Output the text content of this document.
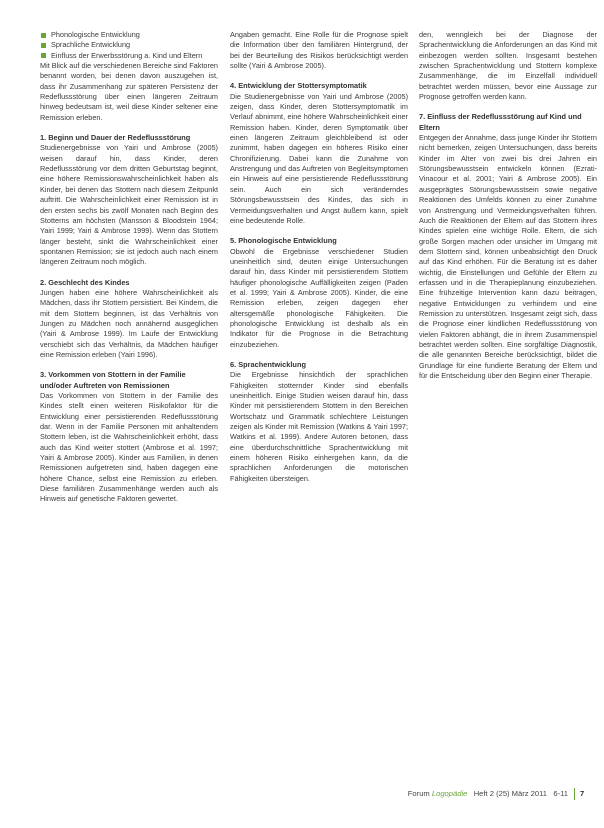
Phonologische Entwicklung
Sprachliche Entwicklung
Einfluss der Erwerbsstörung a. Kind und Eltern

Mit Blick auf die verschiedenen Bereiche sind Faktoren benannt worden, bei denen davon auszugehen ist, dass ihr Zusammenhang zur späteren Persistenz der Redeflussstörung über einen längeren Zeitraum hinweg bedeutsam ist, weil diese Kinder seltener eine Remission erleben.

1. Beginn und Dauer der Redeflussstörung

Studienergebnisse von Yairi und Ambrose (2005) weisen darauf hin, dass Kinder, deren Redeflussstörung vor dem dritten Geburtstag beginnt, eine höhere Remissionswahrscheinlichkeit haben als Kinder, bei denen das Stottern nach diesem Zeitpunkt auftritt. Die Wahrscheinlichkeit einer Remission ist in den ersten sechs bis zwölf Monaten nach Beginn des Stotterns am höchsten (Mansson & Bloodstein 1964; Yairi 1999; Yairi & Ambrose 1999). Wenn das Stottern länger besteht, sinkt die Wahrscheinlichkeit einer spontanen Remission; sie ist jedoch auch nach einem längeren Zeitraum noch möglich.

2. Geschlecht des Kindes

Jungen haben eine höhere Wahrscheinlichkeit als Mädchen, dass ihr Stottern persistiert. Bei Kindern, die mit dem Stottern beginnen, ist das Verhältnis von Jungen zu Mädchen noch annähernd ausgeglichen (Yairi & Ambrose 1999). Im Laufe der Entwicklung verschiebt sich das Verhältnis, da Mädchen häufiger eine Remission erleben (Yairi 1996).

3. Vorkommen von Stottern in der Familie und/oder Auftreten von Remissionen

Das Vorkommen von Stottern in der Familie des Kindes stellt einen weiteren Risikofaktor für die Entwicklung einer persistierenden Redeflussstörung dar. Wenn in der Familie Personen mit anhaltendem Stottern leben, ist die Wahrscheinlichkeit erhöht, dass auch das Kind weiter stottert (Ambrose et al. 1997; Yairi & Ambrose 2005). Kinder aus Familien, in denen Remissionen aufgetreten sind, haben dagegen eine höhere Chance, selbst eine Remission zu erleben. Diese familiären Zusammenhänge werden auch als Hinweis auf genetische Faktoren gewertet.

Angaben gemacht. Eine Rolle für die Prognose spielt die Information über den familiären Hintergrund, der bei der Beurteilung des Risikos berücksichtigt werden sollte (Yairi & Ambrose 2005).

4. Entwicklung der Stottersymptomatik

Die Studienergebnisse von Yairi und Ambrose (2005) zeigen, dass Kinder, deren Stottersymptomatik im Verlauf abnimmt, eine höhere Wahrscheinlichkeit einer Remission haben. Kinder, deren Symptomatik über einen längeren Zeitraum gleichbleibend ist oder zunimmt, haben dagegen ein höheres Risiko einer Chronifizierung. Dabei kann die Zunahme von Anstrengung und das Auftreten von Begleitsymptomen ein Hinweis auf eine persistierende Redeflussstörung sein. Auch ein sich veränderndes Störungsbewusstsein des Kindes, das sich in Vermeidungsverhalten und Angst äußern kann, spielt eine bedeutende Rolle.

5. Phonologische Entwicklung

Obwohl die Ergebnisse verschiedener Studien uneinheitlich sind, deuten einige Untersuchungen darauf hin, dass Kinder mit persistierendem Stottern häufiger phonologische Auffälligkeiten zeigen (Paden et al. 1999; Yairi & Ambrose 2005). Kinder, die eine Remission erleben, zeigen dagegen eher altersgemäße phonologische Fähigkeiten. Die phonologische Entwicklung ist deshalb als ein Indikator für die Prognose in die Betrachtung einzubeziehen.

6. Sprachentwicklung

Die Ergebnisse hinsichtlich der sprachlichen Fähigkeiten stotternder Kinder sind ebenfalls uneinheitlich. Einige Studien weisen darauf hin, dass Kinder mit persistierendem Stottern in den Bereichen Wortschatz und Grammatik schlechtere Leistungen zeigen als Kinder mit Remission (Watkins & Yairi 1997; Watkins et al. 1999). Andere Autoren betonen, dass eine überdurchschnittliche Sprachentwicklung mit einem höheren Risiko einhergehen kann, da die sprachlichen Anforderungen die motorischen Fähigkeiten übersteigen.

den, wenngleich bei der Diagnose der Sprachentwicklung die Anforderungen an das Kind mit einbezogen werden sollten. Insgesamt bestehen zwischen Sprachentwicklung und Stottern komplexe Zusammenhänge, die im Einzelfall individuell betrachtet werden müssen, bevor eine Aussage zur Prognose getroffen werden kann.

7. Einfluss der Redeflussstörung auf Kind und Eltern

Entgegen der Annahme, dass junge Kinder ihr Stottern nicht bemerken, zeigen Untersuchungen, dass bereits Kinder im Alter von zwei bis drei Jahren ein Störungsbewusstsein entwickeln können (Ezrati-Vinacour et al. 2001; Yairi & Ambrose 2005). Ein ausgeprägtes Störungsbewusstsein sowie negative Reaktionen des Umfelds können zu einer Zunahme von Anstrengung und Vermeidungsverhalten führen. Auch die Reaktionen der Eltern auf das Stottern ihres Kindes spielen eine wichtige Rolle. Eltern, die sich große Sorgen machen oder unsicher im Umgang mit dem Stottern sind, können unbeabsichtigt den Druck auf das Kind erhöhen. Für die Beratung ist es daher wichtig, die Einstellungen und Gefühle der Eltern zu erfassen und in die Therapieplanung einzubeziehen. Eine frühzeitige Intervention kann dazu beitragen, negative Entwicklungen zu verhindern und eine Remission zu unterstützen. Insgesamt zeigt sich, dass die Prognose einer kindlichen Redeflussstörung von vielen Faktoren abhängt, die in ihrem Zusammenspiel betrachtet werden sollten. Eine sorgfältige Diagnostik, die alle genannten Bereiche berücksichtigt, bildet die Grundlage für eine fundierte Beratung der Eltern und für die Entscheidung über den Beginn einer Therapie.

Forum Logopädie Heft 2 (25) März 2011 6-11 7
